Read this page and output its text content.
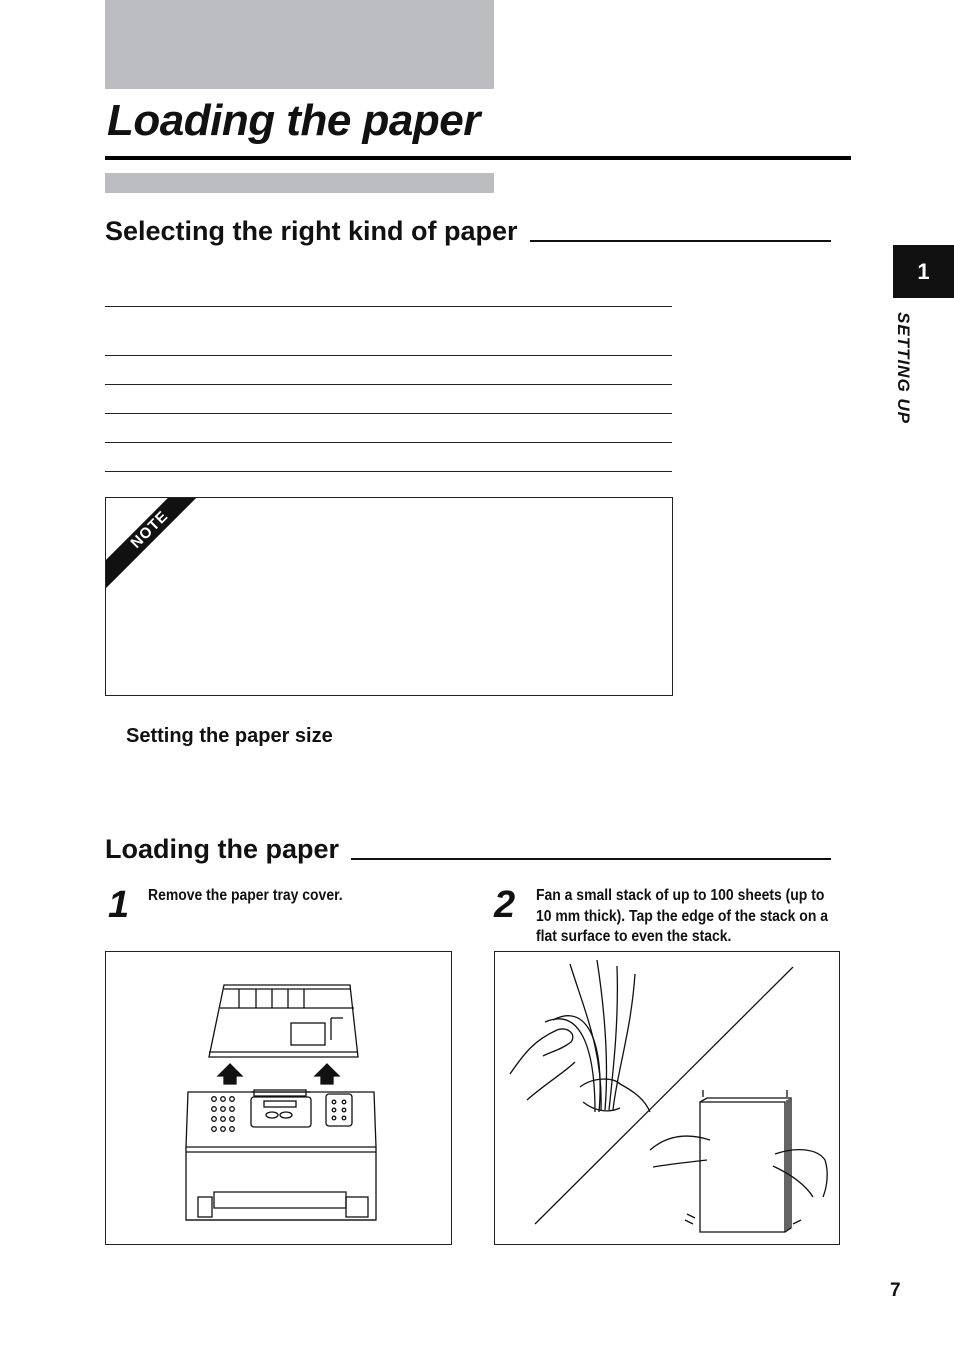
Loading the paper
Selecting the right kind of paper
NOTE
Setting the paper size
Loading the paper
1 Remove the paper tray cover.	2 Fan a small stack of up to 100 sheets (up to 10 mm thick). Tap the edge of the stack on a flat surface to even the stack.
1
SETTING UP
7
